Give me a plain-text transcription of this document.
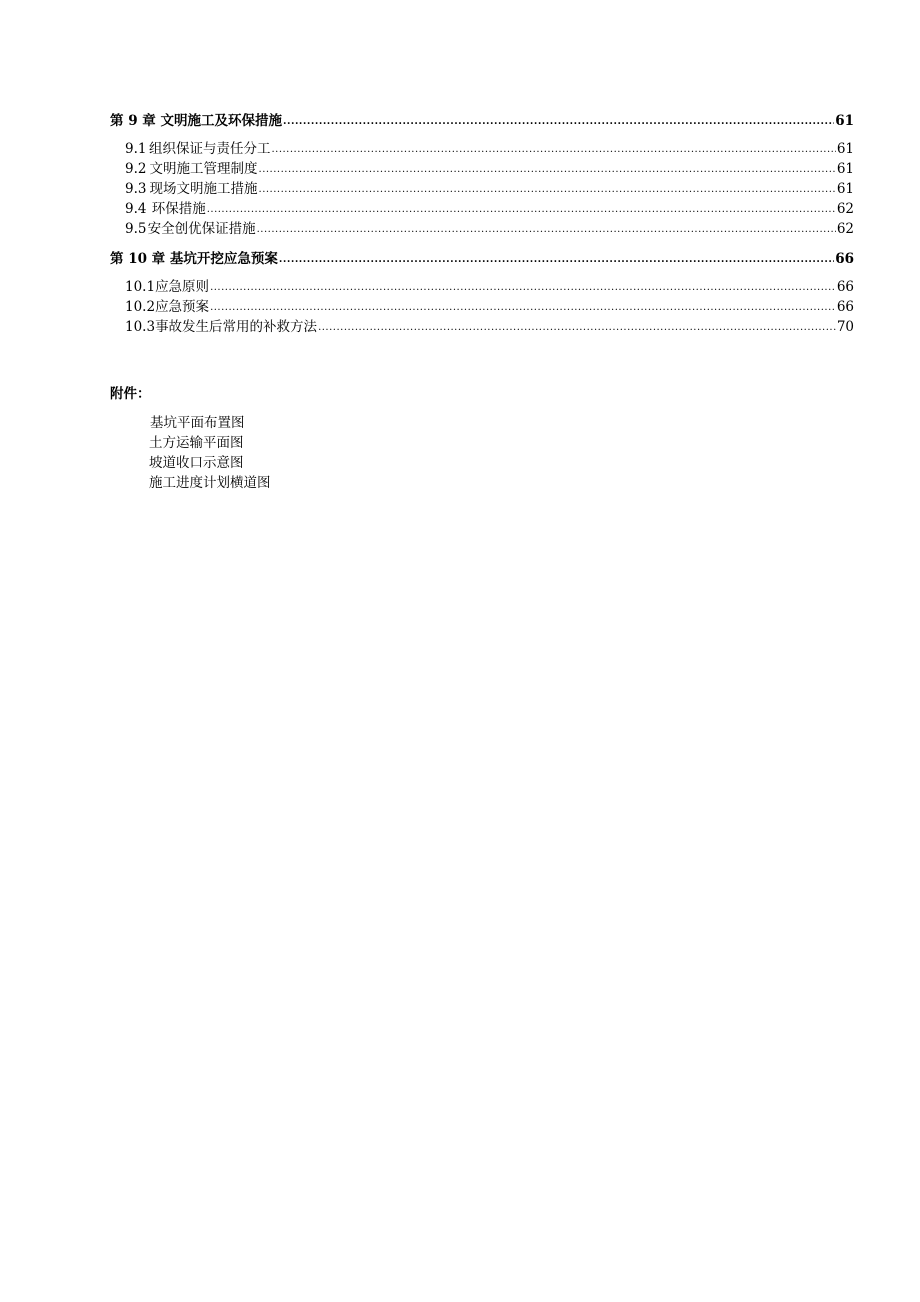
第 9 章 文明施工及环保措施 .....	61
9.1 组织保证与责任分工 .....	61
9.2 文明施工管理制度 .....	61
9.3 现场文明施工措施 .....	61
9.4 环保措施 .....	62
9.5 安全创优保证措施 .....	62
第 10 章 基坑开挖应急预案 .....	66
10.1 应急原则 .....	66
10.2 应急预案 .....	66
10.3 事故发生后常用的补救方法 .....	70
附件：
基坑平面布置图
土方运输平面图
坡道收口示意图
施工进度计划横道图
